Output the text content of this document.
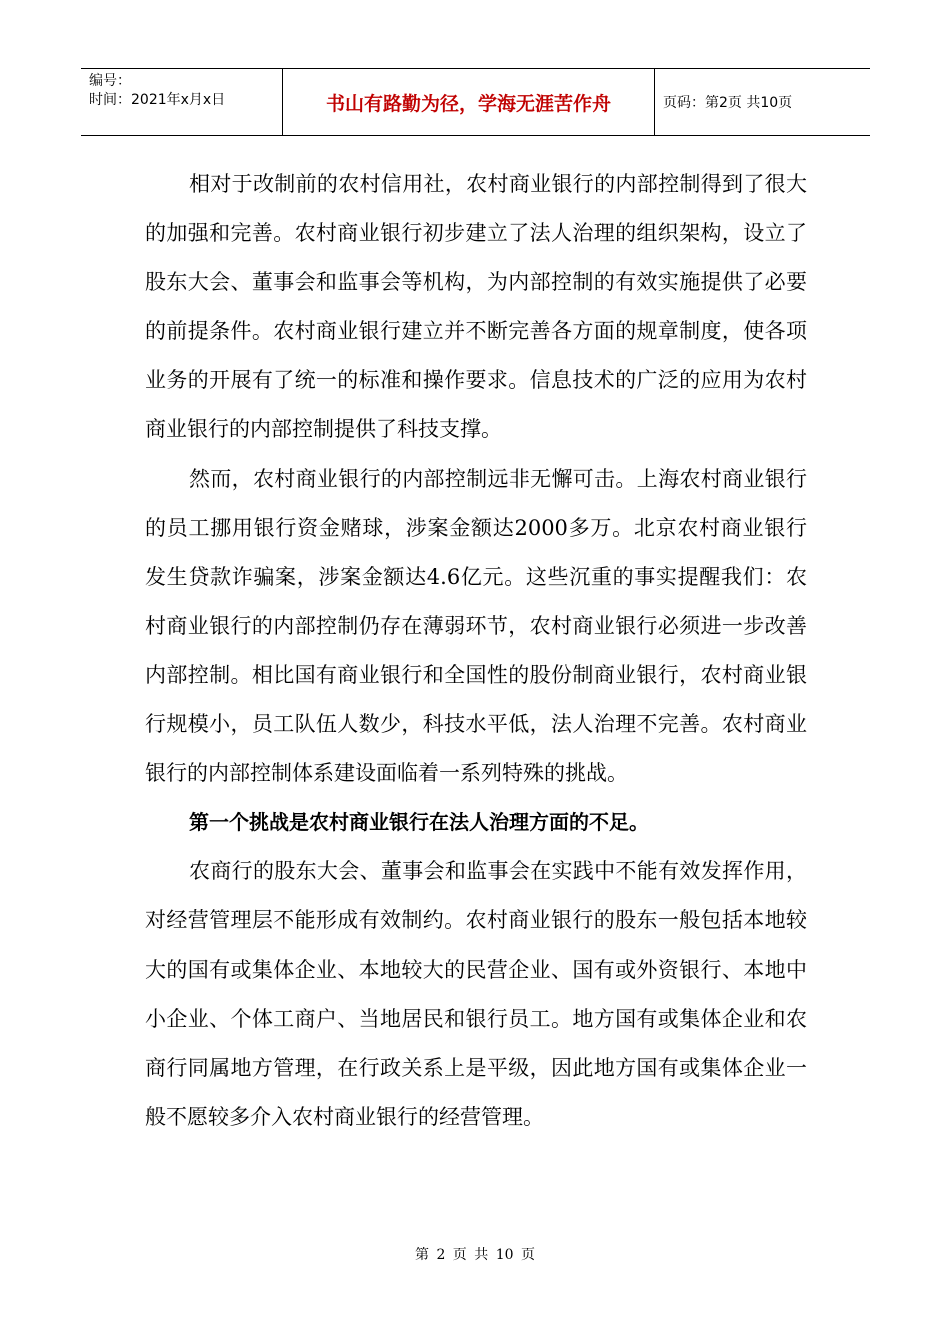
编号：
时间：2021年x月x日	书山有路勤为径，学海无涯苦作舟	页码：第2页 共10页

相对于改制前的农村信用社，农村商业银行的内部控制得到了很大的加强和完善。农村商业银行初步建立了法人治理的组织架构，设立了股东大会、董事会和监事会等机构，为内部控制的有效实施提供了必要的前提条件。农村商业银行建立并不断完善各方面的规章制度，使各项业务的开展有了统一的标准和操作要求。信息技术的广泛的应用为农村商业银行的内部控制提供了科技支撑。

然而，农村商业银行的内部控制远非无懈可击。上海农村商业银行的员工挪用银行资金赌球，涉案金额达2000多万。北京农村商业银行发生贷款诈骗案，涉案金额达4.6亿元。这些沉重的事实提醒我们：农村商业银行的内部控制仍存在薄弱环节，农村商业银行必须进一步改善内部控制。相比国有商业银行和全国性的股份制商业银行，农村商业银行规模小，员工队伍人数少，科技水平低，法人治理不完善。农村商业银行的内部控制体系建设面临着一系列特殊的挑战。

第一个挑战是农村商业银行在法人治理方面的不足。

农商行的股东大会、董事会和监事会在实践中不能有效发挥作用，对经营管理层不能形成有效制约。农村商业银行的股东一般包括本地较大的国有或集体企业、本地较大的民营企业、国有或外资银行、本地中小企业、个体工商户、当地居民和银行员工。地方国有或集体企业和农商行同属地方管理，在行政关系上是平级，因此地方国有或集体企业一般不愿较多介入农村商业银行的经营管理。

第 2 页 共 10 页
